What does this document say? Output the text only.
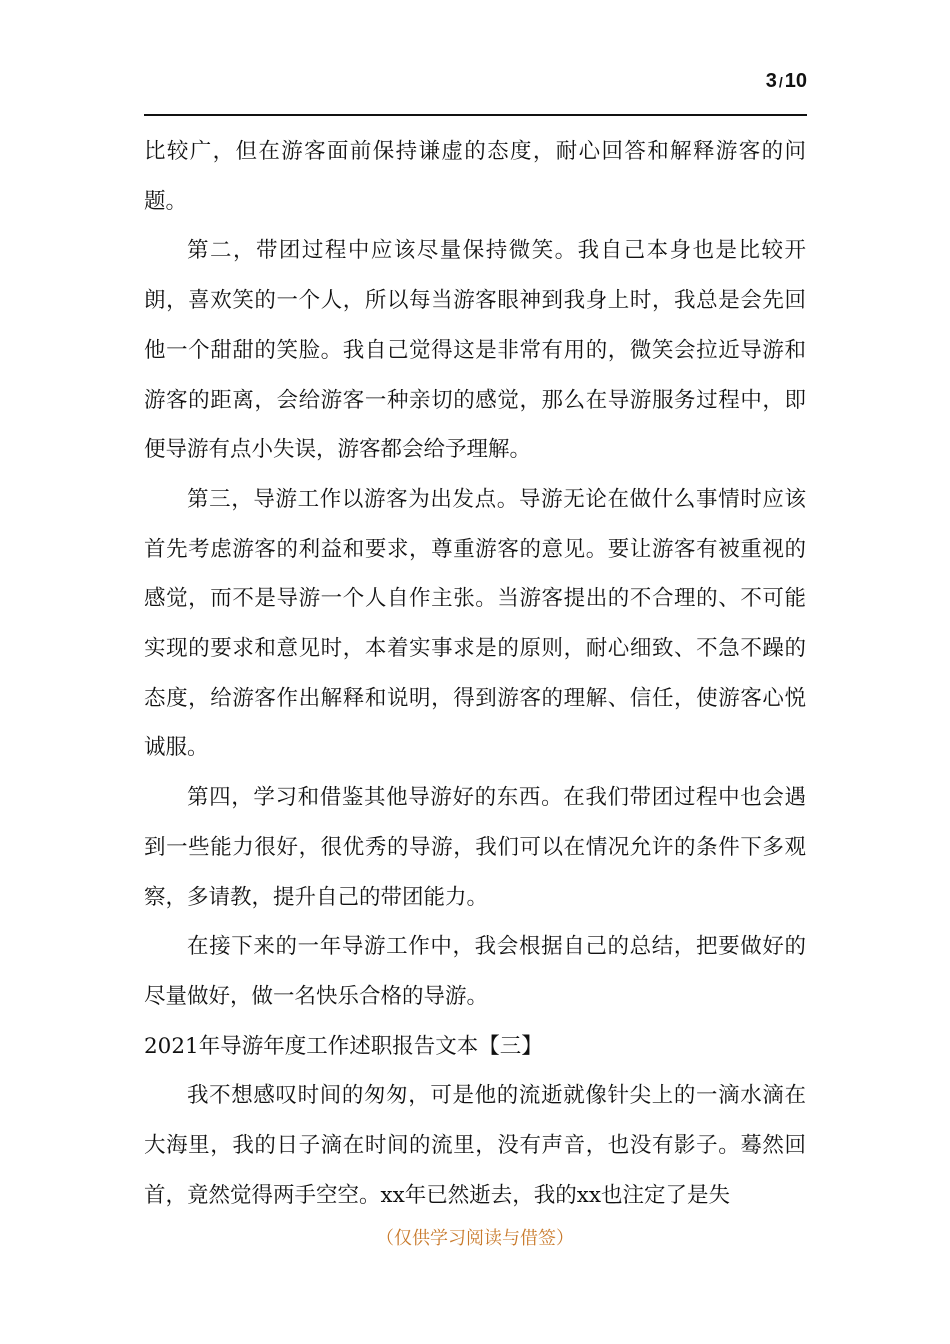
3 / 10

比较广，但在游客面前保持谦虚的态度，耐心回答和解释游客的问题。

第二，带团过程中应该尽量保持微笑。我自己本身也是比较开朗，喜欢笑的一个人，所以每当游客眼神到我身上时，我总是会先回他一个甜甜的笑脸。我自己觉得这是非常有用的，微笑会拉近导游和游客的距离，会给游客一种亲切的感觉，那么在导游服务过程中，即便导游有点小失误，游客都会给予理解。

第三，导游工作以游客为出发点。导游无论在做什么事情时应该首先考虑游客的利益和要求，尊重游客的意见。要让游客有被重视的感觉，而不是导游一个人自作主张。当游客提出的不合理的、不可能实现的要求和意见时，本着实事求是的原则，耐心细致、不急不躁的态度，给游客作出解释和说明，得到游客的理解、信任，使游客心悦诚服。

第四，学习和借鉴其他导游好的东西。在我们带团过程中也会遇到一些能力很好，很优秀的导游，我们可以在情况允许的条件下多观察，多请教，提升自己的带团能力。

在接下来的一年导游工作中，我会根据自己的总结，把要做好的尽量做好，做一名快乐合格的导游。

2021年导游年度工作述职报告文本【三】

我不想感叹时间的匆匆，可是他的流逝就像针尖上的一滴水滴在大海里，我的日子滴在时间的流里，没有声音，也没有影子。蓦然回首，竟然觉得两手空空。xx年已然逝去，我的xx也注定了是失

（仅供学习阅读与借签）
